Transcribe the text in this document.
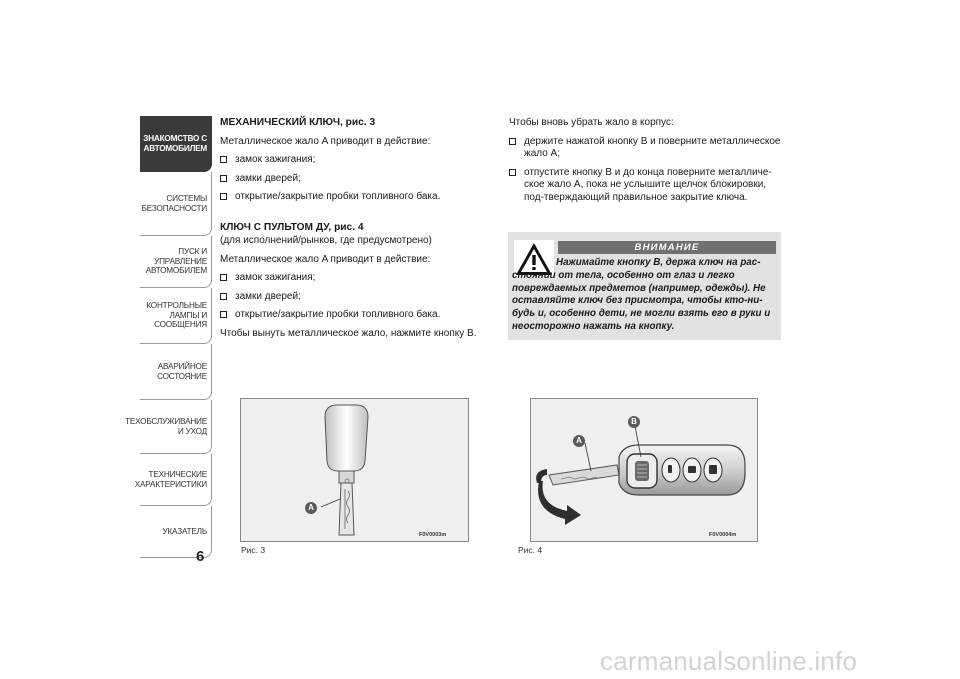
ЗНАКОМСТВО С
АВТОМОБИЛЕМ
СИСТЕМЫ
БЕЗОПАСНОСТИ
ПУСК И УПРАВЛЕНИЕ
АВТОМОБИЛЕМ
КОНТРОЛЬНЫЕ
ЛАМПЫ И
СООБЩЕНИЯ
АВАРИЙНОЕ
СОСТОЯНИЕ
ТЕХОБСЛУЖИВАНИЕ
И УХОД
ТЕХНИЧЕСКИЕ
ХАРАКТЕРИСТИКИ
УКАЗАТЕЛЬ
6
МЕХАНИЧЕСКИЙ КЛЮЧ, рис. 3

Металлическое жало A приводит в действие:

замок зажигания;
замки дверей;
открытие/закрытие пробки топливного бака.
КЛЮЧ С ПУЛЬТОМ ДУ, рис. 4

(для исполнений/рынков, где предусмотрено)

Металлическое жало A приводит в действие:

замок зажигания;
замки дверей;
открытие/закрытие пробки топливного бака.

Чтобы вынуть металлическое жало, нажмите кнопку B.

Чтобы вновь убрать жало в корпус:

держите нажатой кнопку B и поверните металлическое жало A;
отпустите кнопку B и до конца поверните металличе-ское жало A, пока не услышите щелчок блокировки, под-тверждающий правильное закрытие ключа.
ВНИМАНИЕ
Нажимайте кнопку B, держа ключ на рас-стоянии от тела, особенно от глаз и легко повреждаемых предметов (например, одежды). Не оставляйте ключ без присмотра, чтобы кто-ни-будь и, особенно дети, не могли взять его в руки и неосторожно нажать на кнопку.
A
F0V0003m
Рис. 3
A
B
F0V0004m
Рис. 4
carmanualsonline.info
